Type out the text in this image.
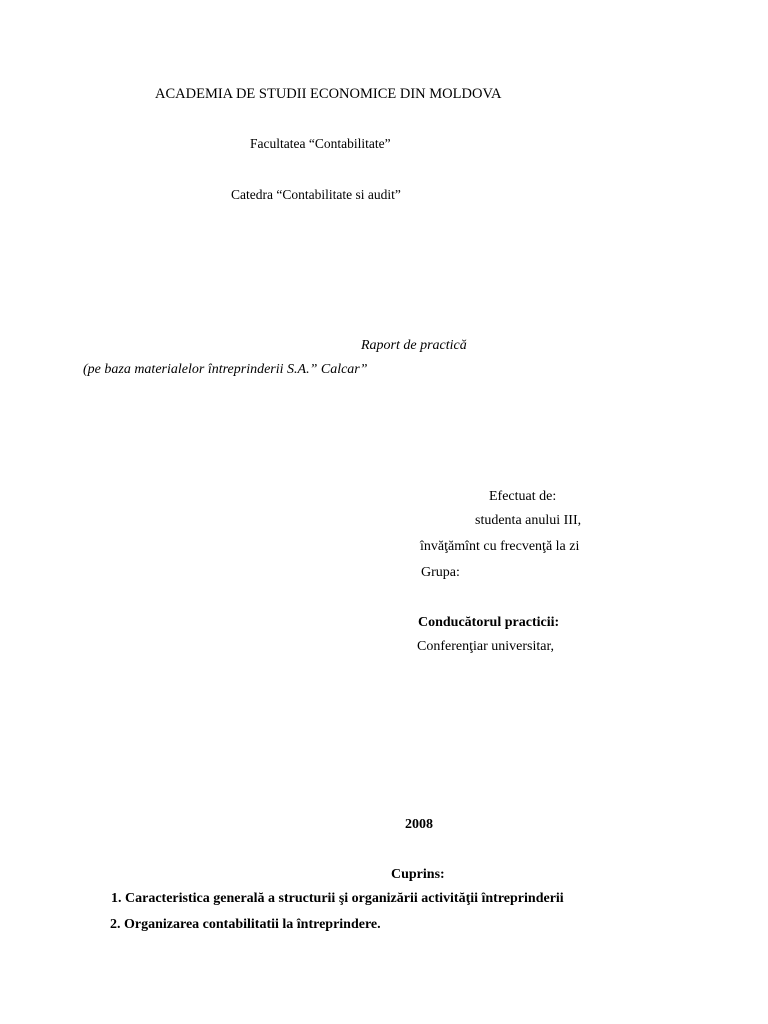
ACADEMIA DE STUDII ECONOMICE DIN MOLDOVA
Facultatea “Contabilitate”
Catedra “Contabilitate si audit”
Raport de practică
(pe baza materialelor întreprinderii S.A.” Calcar”
Efectuat de:
studenta anului III,
învăţămînt cu frecvenţă la zi
Grupa:
Conducătorul practicii:
Conferenţiar universitar,
2008
Cuprins:
1. Caracteristica generală a structurii şi organizării activităţii întreprinderii
2. Organizarea contabilitatii la întreprindere.
